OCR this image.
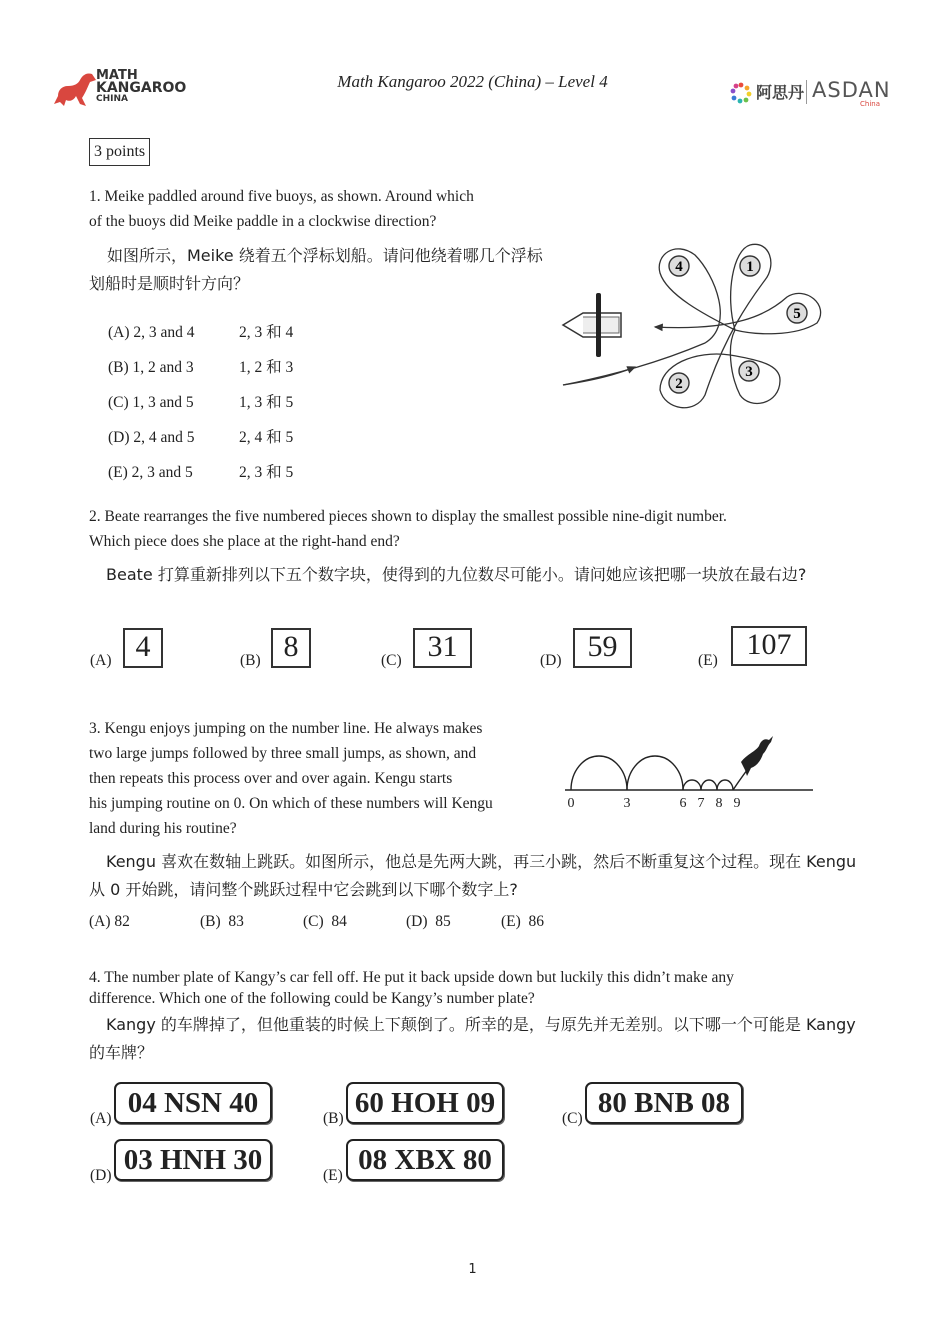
MATH
KANGAROO
CHINA
Math Kangaroo 2022 (China) – Level 4
阿思丹 ASDAN
China
3 points
1. Meike paddled around five buoys, as shown. Around which
of the buoys did Meike paddle in a clockwise direction?
如图所示，Meike 绕着五个浮标划船。请问他绕着哪几个浮标
划船时是顺时针方向？
(A) 2, 3 and 4	2, 3 和 4
(B) 1, 2 and 3	1, 2 和 3
(C) 1, 3 and 5	1, 3 和 5
(D) 2, 4 and 5	2, 4 和 5
(E) 2, 3 and 5	2, 3 和 5
4	1
5
2
3
2. Beate rearranges the five numbered pieces shown to display the smallest possible nine-digit number.
Which piece does she place at the right-hand end?
Beate 打算重新排列以下五个数字块，使得到的九位数尽可能小。请问她应该把哪一块放在最右边?
(A) 4	(B) 8	(C) 31	(D) 59	(E) 107
3. Kengu enjoys jumping on the number line. He always makes
two large jumps followed by three small jumps, as shown, and
then repeats this process over and over again. Kengu starts
his jumping routine on 0. On which of these numbers will Kengu
land during his routine?
0	3	6 7 8 9
Kengu 喜欢在数轴上跳跃。如图所示，他总是先两大跳，再三小跳，然后不断重复这个过程。现在 Kengu
从 0 开始跳，请问整个跳跃过程中它会跳到以下哪个数字上?
(A) 82	(B)  83	(C)  84	(D)  85	(E)  86
4. The number plate of Kangy’s car fell off. He put it back upside down but luckily this didn’t make any
difference. Which one of the following could be Kangy’s number plate?
Kangy 的车牌掉了，但他重装的时候上下颠倒了。所幸的是，与原先并无差别。以下哪一个可能是 Kangy
的车牌？
(A) 04 NSN 40	(B) 60 HOH 09	(C) 80 BNB 08
(D) 03 HNH 30	(E) 08 XBX 80
1
